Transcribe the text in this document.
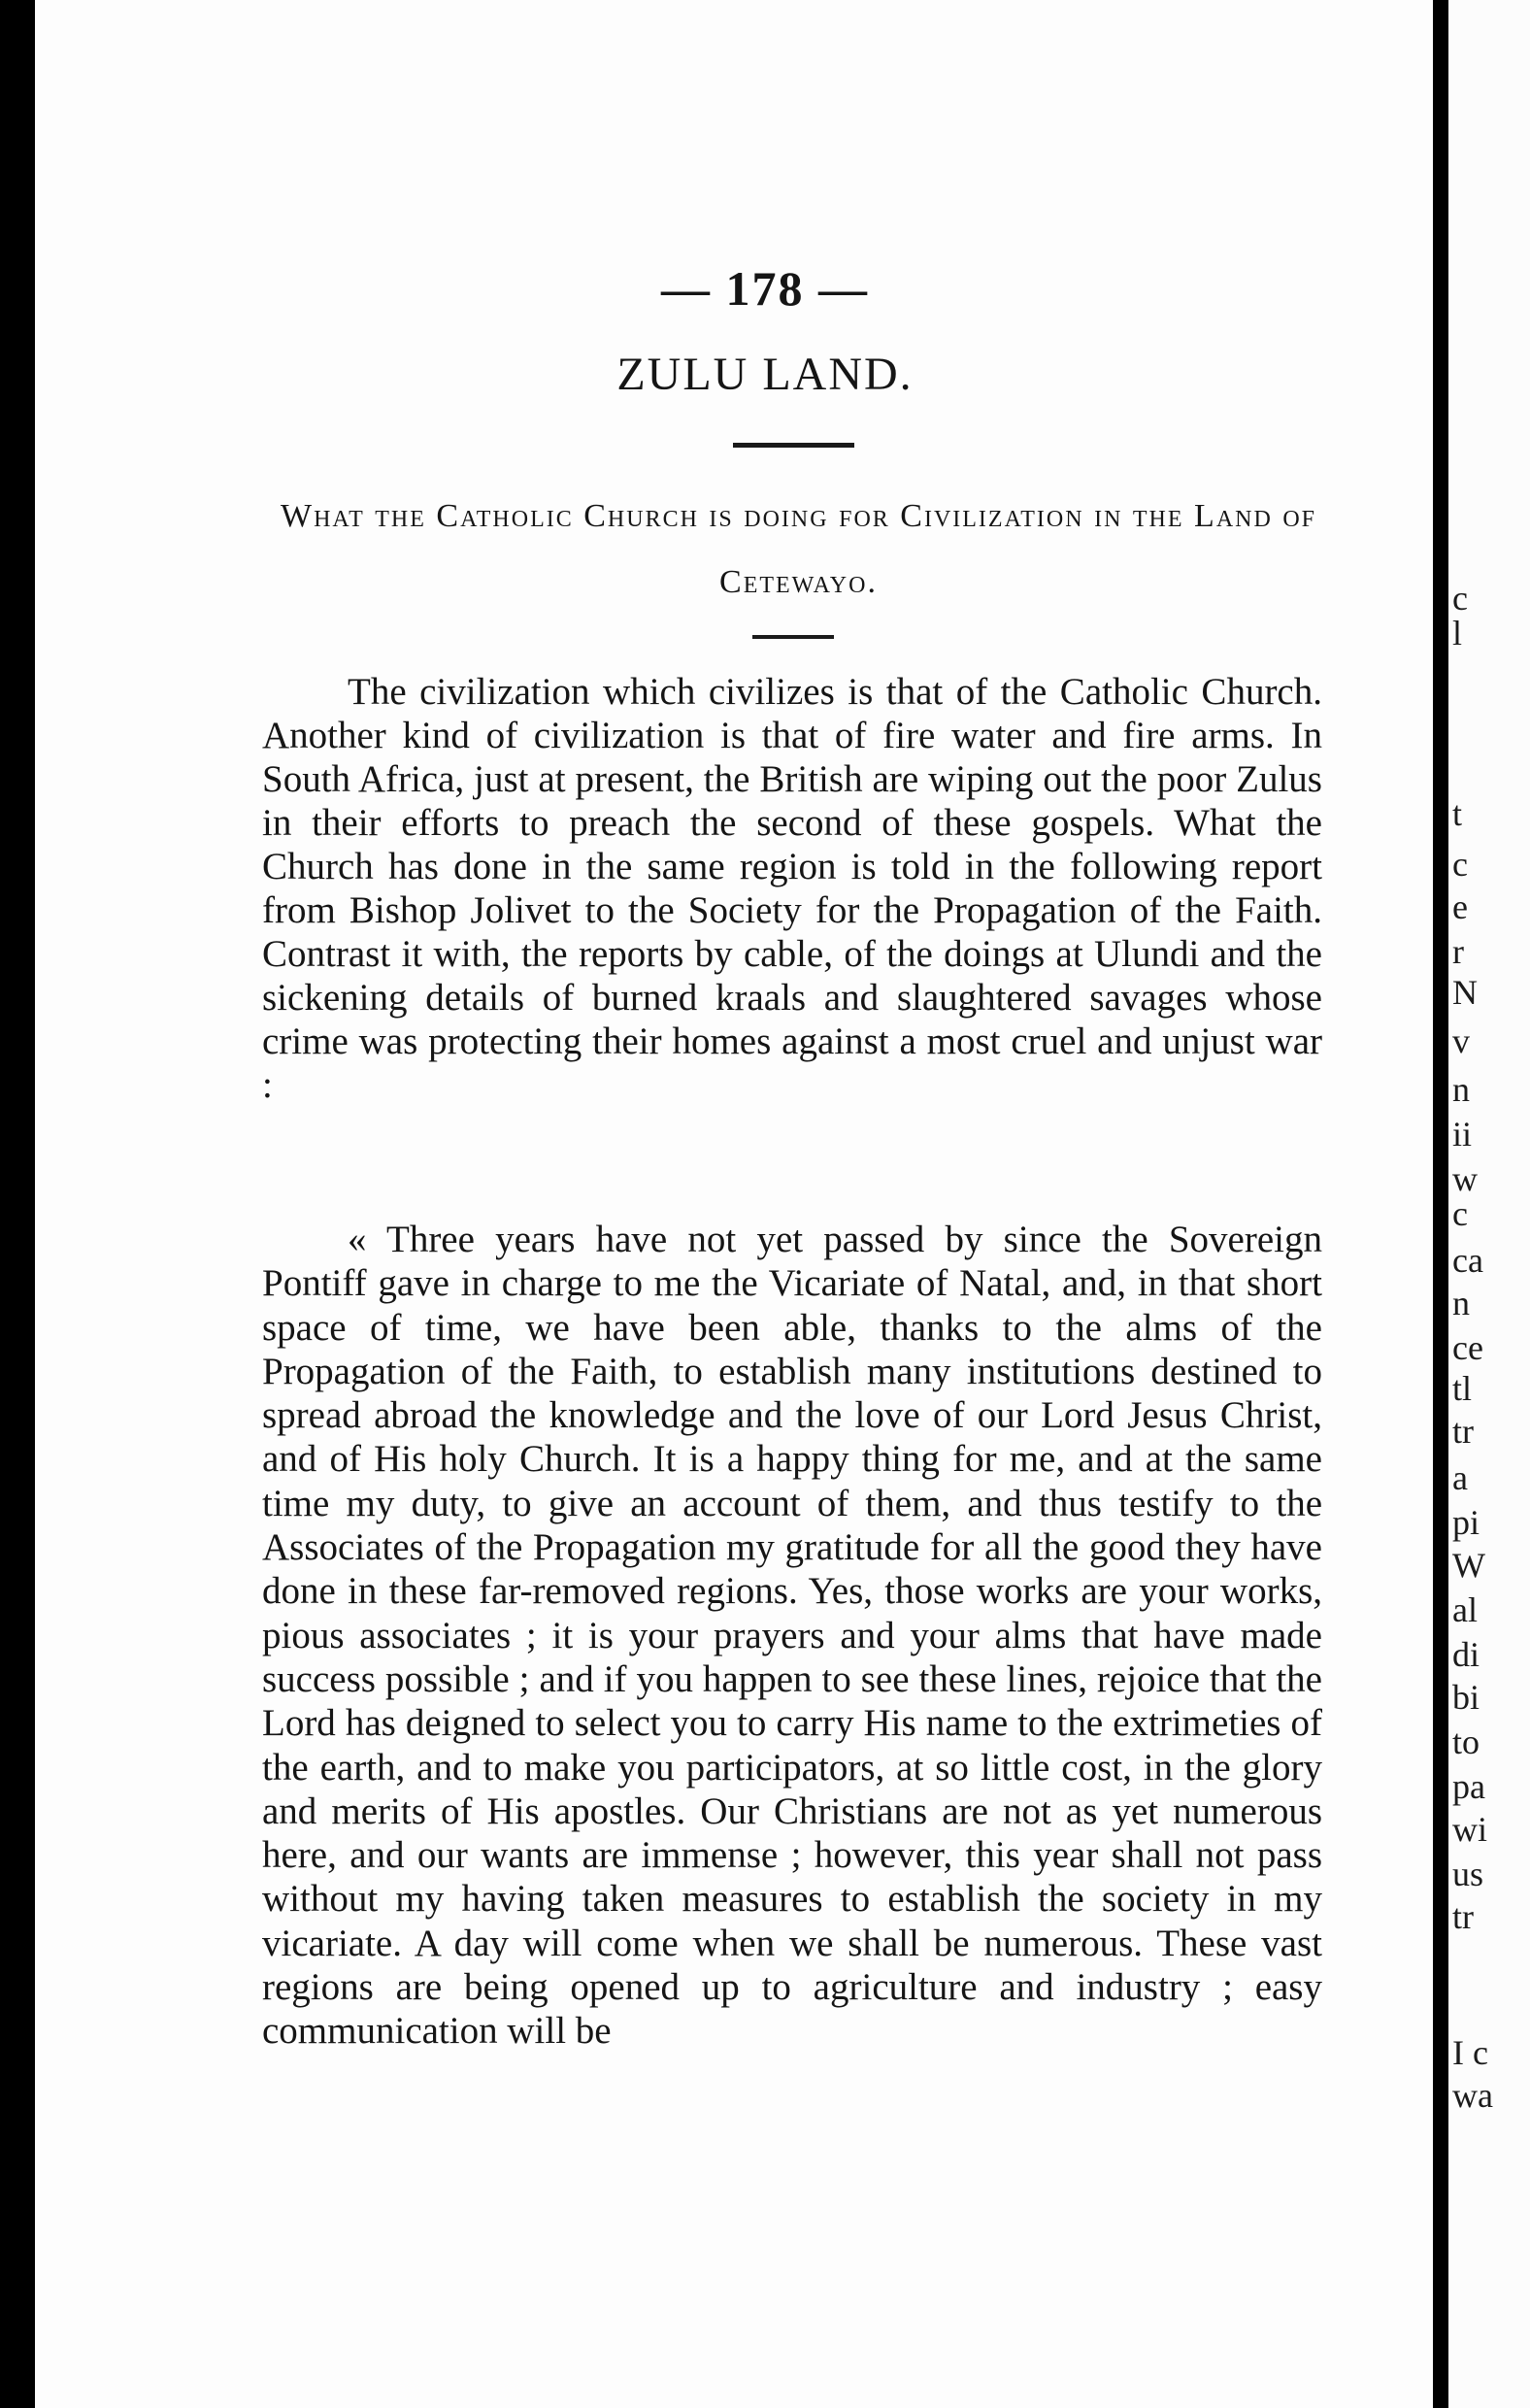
c
l
t
c
e
r
N
v
n
ii
w
c
ca
n
ce
tl
tr
a
pi
W
al
di
bi
to
pa
wi
us
tr
I c
wa
— 178 —
ZULU LAND.
What the Catholic Church is doing for Civilization in the Land of Cetewayo.

The civilization which civilizes is that of the Catholic Church. Another kind of civilization is that of fire water and fire arms. In South Africa, just at present, the British are wiping out the poor Zulus in their efforts to preach the second of these gospels. What the Church has done in the same region is told in the following report from Bishop Jolivet to the Society for the Propagation of the Faith. Contrast it with, the reports by cable, of the doings at Ulundi and the sickening details of burned kraals and slaughtered savages whose crime was protecting their homes against a most cruel and unjust war :

« Three years have not yet passed by since the Sovereign Pontiff gave in charge to me the Vicariate of Natal, and, in that short space of time, we have been able, thanks to the alms of the Propagation of the Faith, to establish many institutions destined to spread abroad the knowledge and the love of our Lord Jesus Christ, and of His holy Church. It is a happy thing for me, and at the same time my duty, to give an account of them, and thus testify to the Associates of the Propagation my gratitude for all the good they have done in these far-removed regions. Yes, those works are your works, pious associates ; it is your prayers and your alms that have made success possible ; and if you happen to see these lines, rejoice that the Lord has deigned to select you to carry His name to the extrimeties of the earth, and to make you participators, at so little cost, in the glory and merits of His apostles. Our Christians are not as yet numerous here, and our wants are immense ; however, this year shall not pass without my having taken measures to establish the society in my vicariate. A day will come when we shall be numerous. These vast regions are being opened up to agriculture and industry ; easy communication will be
